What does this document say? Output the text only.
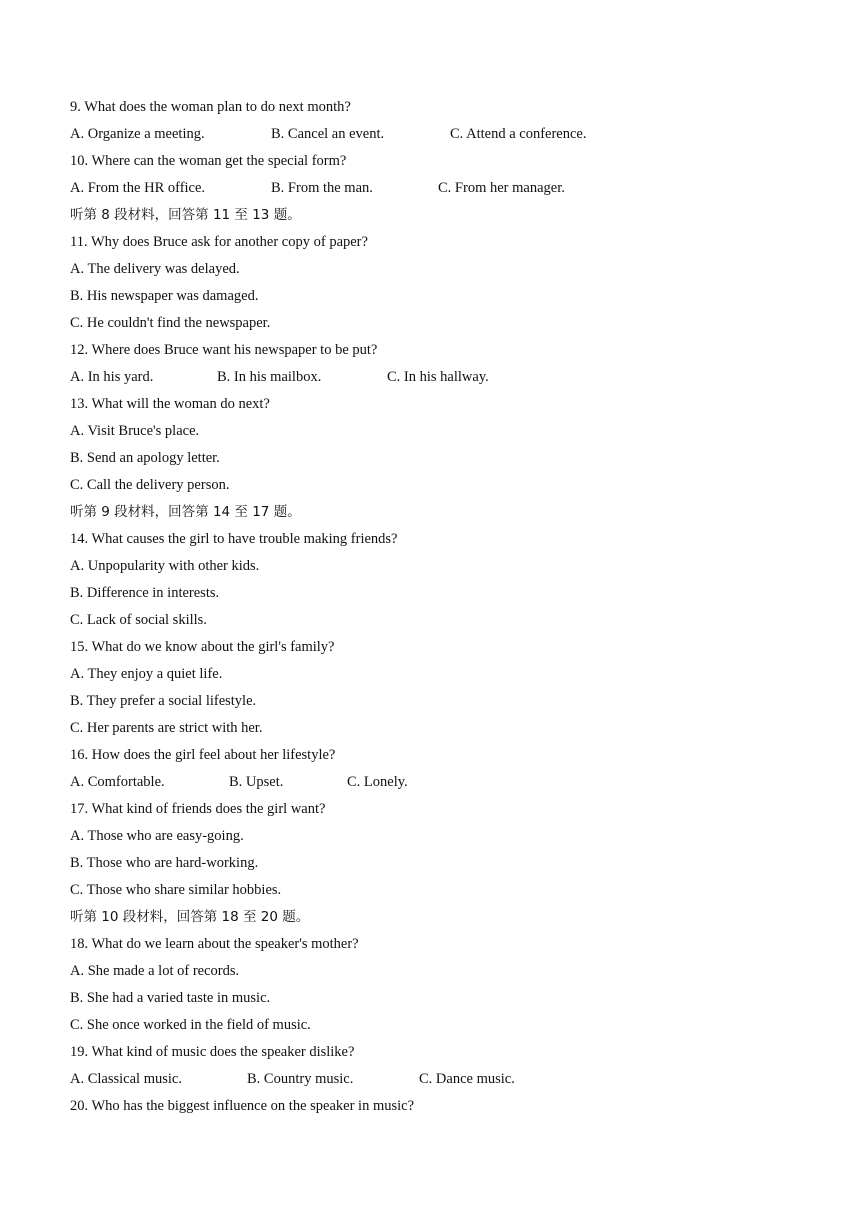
9. What does the woman plan to do next month?
A. Organize a meeting.	B. Cancel an event.	C. Attend a conference.
10. Where can the woman get the special form?
A. From the HR office.	B. From the man.	C. From her manager.
听第 8 段材料，回答第 11 至 13 题。
11. Why does Bruce ask for another copy of paper?
A. The delivery was delayed.
B. His newspaper was damaged.
C. He couldn't find the newspaper.
12. Where does Bruce want his newspaper to be put?
A. In his yard.	B. In his mailbox.	C. In his hallway.
13. What will the woman do next?
A. Visit Bruce's place.
B. Send an apology letter.
C. Call the delivery person.
听第 9 段材料，回答第 14 至 17 题。
14. What causes the girl to have trouble making friends?
A. Unpopularity with other kids.
B. Difference in interests.
C. Lack of social skills.
15. What do we know about the girl's family?
A. They enjoy a quiet life.
B. They prefer a social lifestyle.
C. Her parents are strict with her.
16. How does the girl feel about her lifestyle?
A. Comfortable.	B. Upset.	C. Lonely.
17. What kind of friends does the girl want?
A. Those who are easy-going.
B. Those who are hard-working.
C. Those who share similar hobbies.
听第 10 段材料，回答第 18 至 20 题。
18. What do we learn about the speaker's mother?
A. She made a lot of records.
B. She had a varied taste in music.
C. She once worked in the field of music.
19. What kind of music does the speaker dislike?
A. Classical music.	B. Country music.	C. Dance music.
20. Who has the biggest influence on the speaker in music?
